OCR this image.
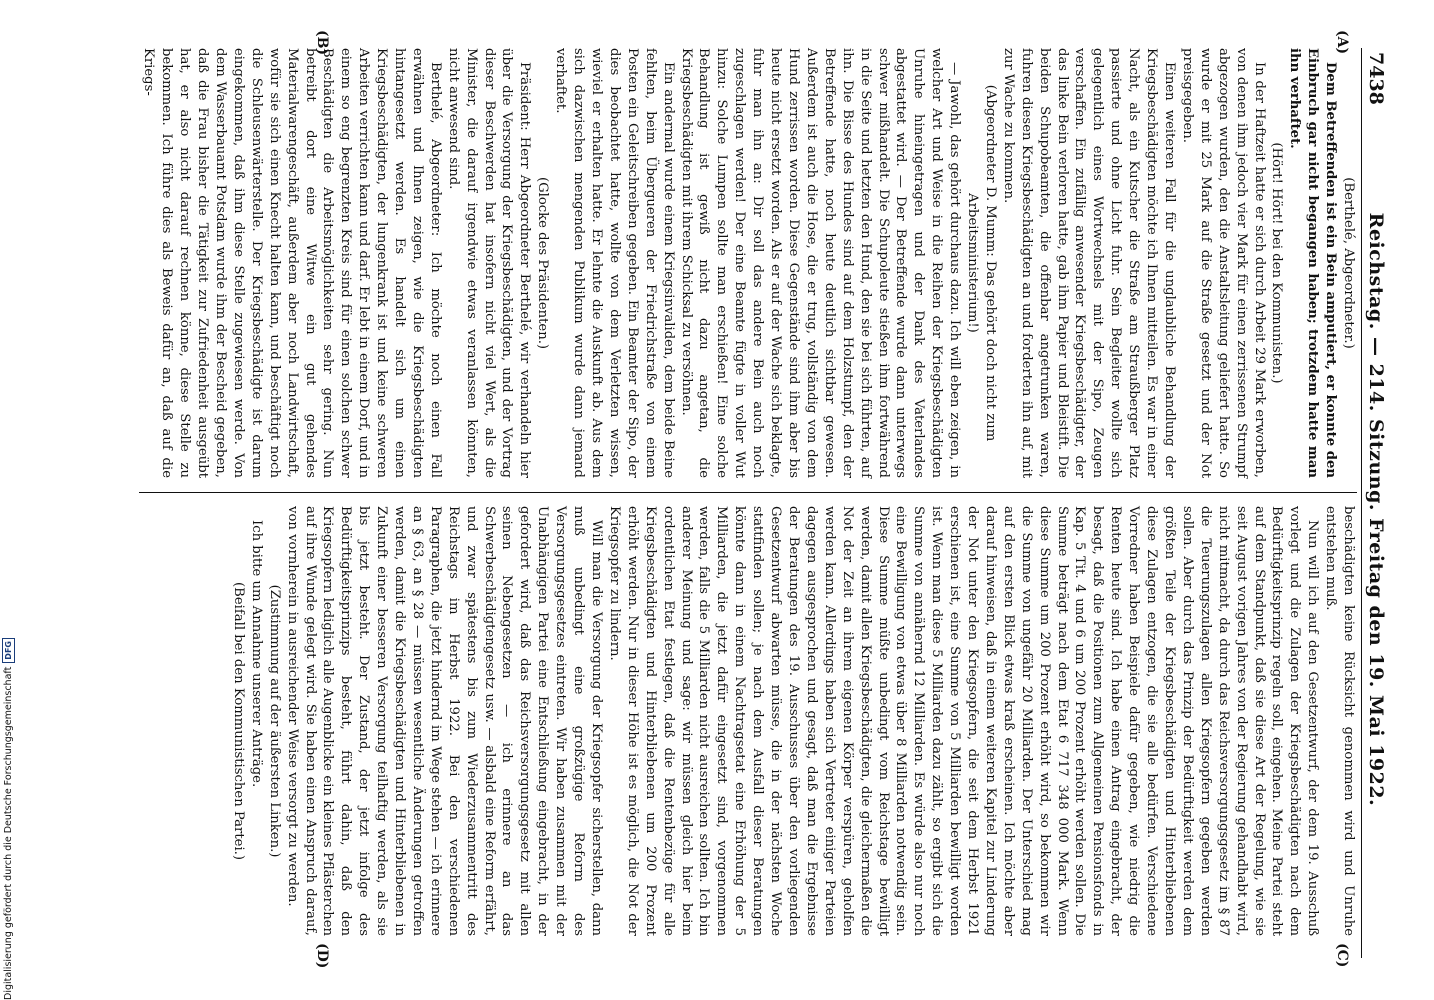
7438
Reichstag. — 214. Sitzung. Freitag den 19. Mai 1922.
(A)
(B)
(C)
(D)

(Berthelé, Abgeordneter.)

Dem Betreffenden ist ein Bein amputiert, er konnte den Einbruch gar nicht begangen haben; trotzdem hatte man ihn verhaftet.

(Hört! Hört! bei den Kommunisten.)

In der Haftzeit hatte er sich durch Arbeit 29 Mark erworben, von denen ihm jedoch vier Mark für einen zerrissenen Strumpf abgezogen wurden, den die Anstaltsleitung geliefert hatte. So wurde er mit 25 Mark auf die Straße gesetzt und der Not preisgegeben.

Einen weiteren Fall für die unglaubliche Behandlung der Kriegsbeschädigten möchte ich Ihnen mitteilen. Es war in einer Nacht, als ein Kutscher die Straße am Straußberger Platz passierte und ohne Licht fuhr. Sein Begleiter wollte sich gelegentlich eines Wortwechsels mit der Sipo, Zeugen verschaffen. Ein zufällig anwesender Kriegsbeschädigter, der das linke Bein verloren hatte, gab ihm Papier und Bleistift. Die beiden Schupobeamten, die offenbar angetrunken waren, fuhren diesen Kriegsbeschädigten an und forderten ihn auf, mit zur Wache zu kommen.

(Abgeordneter D. Mumm: Das gehört doch nicht zum Arbeitsministerium!)

— Jawohl, das gehört durchaus dazu. Ich will eben zeigen, in welcher Art und Weise in die Reihen der Kriegsbeschädigten Unruhe hineingetragen und der Dank des Vaterlandes abgestattet wird. — Der Betreffende wurde dann unterwegs schwer mißhandelt. Die Schupoleute stießen ihm fortwährend in die Seite und hetzten den Hund, den sie bei sich führten, auf ihn. Die Bisse des Hundes sind auf dem Holzstumpf, den der Betreffende hatte, noch heute deutlich sichtbar gewesen. Außerdem ist auch die Hose, die er trug, vollständig von dem Hund zerrissen worden. Diese Gegenstände sind ihm aber bis heute nicht ersetzt worden. Als er auf der Wache sich beklagte, fuhr man ihn an: Dir soll das andere Bein auch noch zugeschlagen werden! Der eine Beamte fügte in voller Wut hinzu: Solche Lumpen sollte man erschießen! Eine solche Behandlung ist gewiß nicht dazu angetan, die Kriegsbeschädigten mit ihrem Schicksal zu versöhnen.

Ein andermal wurde einem Kriegsinvaliden, dem beide Beine fehlten, beim Übergueren der Friedrichstraße von einem Posten ein Geleitschreiben gegeben. Ein Beamter der Sipo, der dies beobachtet hatte, wollte von dem Verletzten wissen, wieviel er erhalten hatte. Er lehnte die Auskunft ab. Aus dem sich dazwischen mengenden Publikum wurde dann jemand verhaftet.

(Glocke des Präsidenten.)

Präsident: Herr Abgeordneter Berthelé, wir verhandeln hier über die Versorgung der Kriegsbeschädigten, und der Vortrag dieser Beschwerden hat insofern nicht viel Wert, als die Minister, die darauf irgendwie etwas veranlassen könnten, nicht anwesend sind.

Berthelé, Abgeordneter: Ich möchte noch einen Fall erwähnen und Ihnen zeigen, wie die Kriegsbeschädigten hintangesetzt werden. Es handelt sich um einen Kriegsbeschädigten, der lungenkrank ist und keine schweren Arbeiten verrichten kann und darf. Er lebt in einem Dorf, und in einem so eng begrenzten Kreis sind für einen solchen schwer Beschädigten die Arbeitsmöglichkeiten sehr gering. Nun betreibt dort eine Witwe ein gut gehendes Materialwarengeschäft, außerdem aber noch Landwirtschaft, wofür sie sich einen Knecht halten kann, und beschäftigt noch die Schleusenwärterstelle. Der Kriegsbeschädigte ist darum eingekommen, daß ihm diese Stelle zugewiesen werde. Von dem Wasserbauamt Potsdam wurde ihm der Bescheid gegeben, daß die Frau bisher die Tätigkeit zur Zufriedenheit ausgeübt hat, er also nicht darauf rechnen könne, diese Stelle zu bekommen. Ich führe dies als Beweis dafür an, daß auf die Kriegs-

beschädigten keine Rücksicht genommen wird und Unruhe entstehen muß.

Nun will ich auf den Gesetzentwurf, der dem 19. Ausschuß vorlegt und die Zulagen der Kriegsbeschädigten nach dem Bedürftigkeitsprinzip regeln soll, eingehen. Meine Partei steht auf dem Standpunkt, daß sie diese Art der Regelung, wie sie seit August vorigen Jahres von der Regierung gehandhabt wird, nicht mitmacht, da durch das Reichsversorgungsgesetz im § 87 die Teuerungszulagen allen Kriegsopfern gegeben werden sollen. Aber durch das Prinzip der Bedürftigkeit werden dem größten Teile der Kriegsbeschädigten und Hinterbliebenen diese Zulagen entzogen, die sie alle bedürfen. Verschiedene Vorredner haben Beispiele dafür gegeben, wie niedrig die Renten heute sind. Ich habe einen Antrag eingebracht, der besagt, daß die Positionen zum Allgemeinen Pensionsfonds in Kap. 5 Tit. 4 und 6 um 200 Prozent erhöht werden sollen. Die Summe beträgt nach dem Etat 6 717 348 000 Mark. Wenn diese Summe um 200 Prozent erhöht wird, so bekommen wir die Summe von ungefähr 20 Milliarden. Der Unterschied mag auf den ersten Blick etwas kraß erscheinen. Ich möchte aber darauf hinweisen, daß in einem weiteren Kapitel zur Linderung der Not unter den Kriegsopfern, die seit dem Herbst 1921 erschienen ist, eine Summe von 5 Milliarden bewilligt worden ist. Wenn man diese 5 Milliarden dazu zählt, so ergibt sich die Summe von annähernd 12 Milliarden. Es würde also nur noch eine Bewilligung von etwas über 8 Milliarden notwendig sein. Diese Summe müßte unbedingt vom Reichstage bewilligt werden, damit allen Kriegsbeschädigten, die gleichermaßen die Not der Zeit an ihrem eigenen Körper verspüren, geholfen werden kann. Allerdings haben sich Vertreter einiger Parteien dagegen ausgesprochen und gesagt, daß man die Ergebnisse der Beratungen des 19. Ausschusses über den vorliegenden Gesetzentwurf abwarten müsse, die in der nächsten Woche stattfinden sollen; je nach dem Ausfall dieser Beratungen könnte dann in einem Nachtragsetat eine Erhöhung der 5 Milliarden, die jetzt dafür eingesetzt sind, vorgenommen werden, falls die 5 Milliarden nicht ausreichen sollten. Ich bin anderer Meinung und sage: wir müssen gleich hier beim ordentlichen Etat festlegen, daß die Rentenbezüge für alle Kriegsbeschädigten und Hinterbliebenen um 200 Prozent erhöht werden. Nur in dieser Höhe ist es möglich, die Not der Kriegsopfer zu lindern.

Will man die Versorgung der Kriegsopfer sicherstellen, dann muß unbedingt eine großzügige Reform des Versorgungsgesetzes eintreten. Wir haben zusammen mit der Unabhängigen Partei eine Entschließung eingebracht, in der gefordert wird, daß das Reichsversorgungsgesetz mit allen seinen Nebengesetzen — ich erinnere an das Schwerbeschädigtengesetz usw. — alsbald eine Reform erfährt, und zwar spätestens bis zum Wiederzusammentritt des Reichstags im Herbst 1922. Bei den verschiedenen Paragraphen, die jetzt hindernd im Wege stehen — ich erinnere an § 63, an § 28 — müssen wesentliche Änderungen getroffen werden, damit die Kriegsbeschädigten und Hinterbliebenen in Zukunft einer besseren Versorgung teilhaftig werden, als sie bis jetzt besteht. Der Zustand, der jetzt infolge des Bedürftigkeitsprinzips besteht, führt dahin, daß den Kriegsopfern lediglich alle Augenblicke ein kleines Pflästerchen auf ihre Wunde gelegt wird. Sie haben einen Anspruch darauf, von vornherein in ausreichender Weise versorgt zu werden.

(Zustimmung auf der äußersten Linken.)

Ich bitte um Annahme unserer Anträge.

(Beifall bei den Kommunistischen Partei.)

Digitalisierung gefördert durch die Deutsche Forschungsgemeinschaft
DFG
